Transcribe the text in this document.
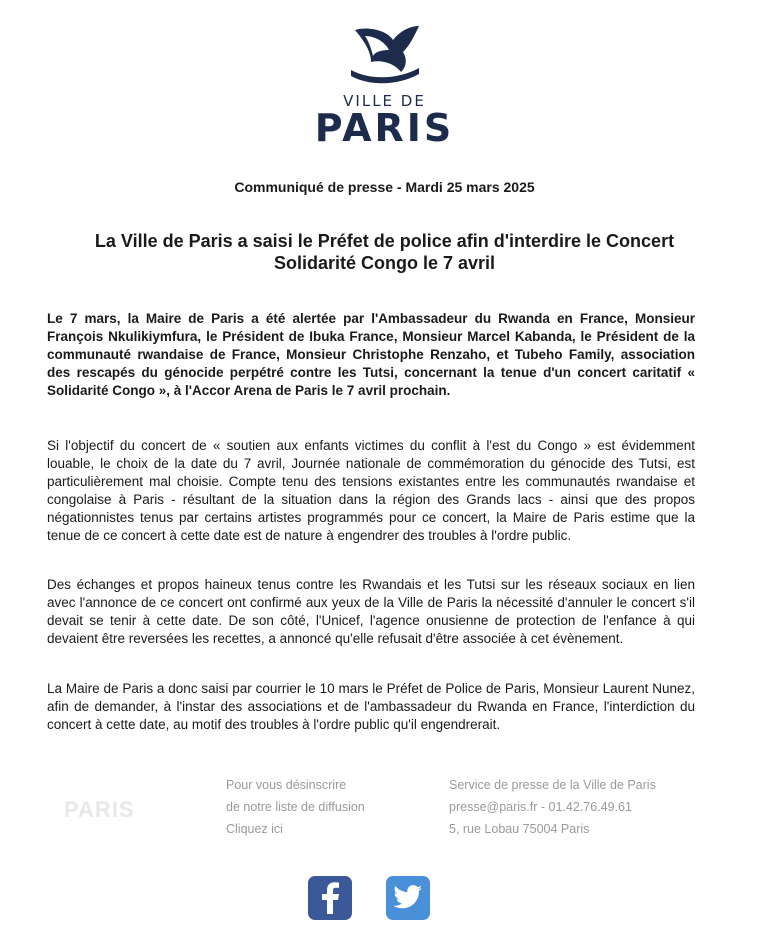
VILLE DE
PARIS
Communiqué de presse - Mardi 25 mars 2025
La Ville de Paris a saisi le Préfet de police afin d'interdire le Concert Solidarité Congo le 7 avril
Le 7 mars, la Maire de Paris a été alertée par l'Ambassadeur du Rwanda en France, Monsieur François Nkulikiymfura, le Président de Ibuka France, Monsieur Marcel Kabanda, le Président de la communauté rwandaise de France, Monsieur Christophe Renzaho, et Tubeho Family, association des rescapés du génocide perpétré contre les Tutsi, concernant la tenue d'un concert caritatif « Solidarité Congo », à l'Accor Arena de Paris le 7 avril prochain.
Si l'objectif du concert de « soutien aux enfants victimes du conflit à l'est du Congo » est évidemment louable, le choix de la date du 7 avril, Journée nationale de commémoration du génocide des Tutsi, est particulièrement mal choisie. Compte tenu des tensions existantes entre les communautés rwandaise et congolaise à Paris - résultant de la situation dans la région des Grands lacs - ainsi que des propos négationnistes tenus par certains artistes programmés pour ce concert, la Maire de Paris estime que la tenue de ce concert à cette date est de nature à engendrer des troubles à l'ordre public.
Des échanges et propos haineux tenus contre les Rwandais et les Tutsi sur les réseaux sociaux en lien avec l'annonce de ce concert ont confirmé aux yeux de la Ville de Paris la nécessité d'annuler le concert s'il devait se tenir à cette date. De son côté, l'Unicef, l'agence onusienne de protection de l'enfance à qui devaient être reversées les recettes, a annoncé qu'elle refusait d'être associée à cet évènement.
La Maire de Paris a donc saisi par courrier le 10 mars le Préfet de Police de Paris, Monsieur Laurent Nunez, afin de demander, à l'instar des associations et de l'ambassadeur du Rwanda en France, l'interdiction du concert à cette date, au motif des troubles à l'ordre public qu'il engendrerait.
PARIS
Pour vous désinscrire
de notre liste de diffusion
Cliquez ici
Service de presse de la Ville de Paris
presse@paris.fr - 01.42.76.49.61
5, rue Lobau 75004 Paris
